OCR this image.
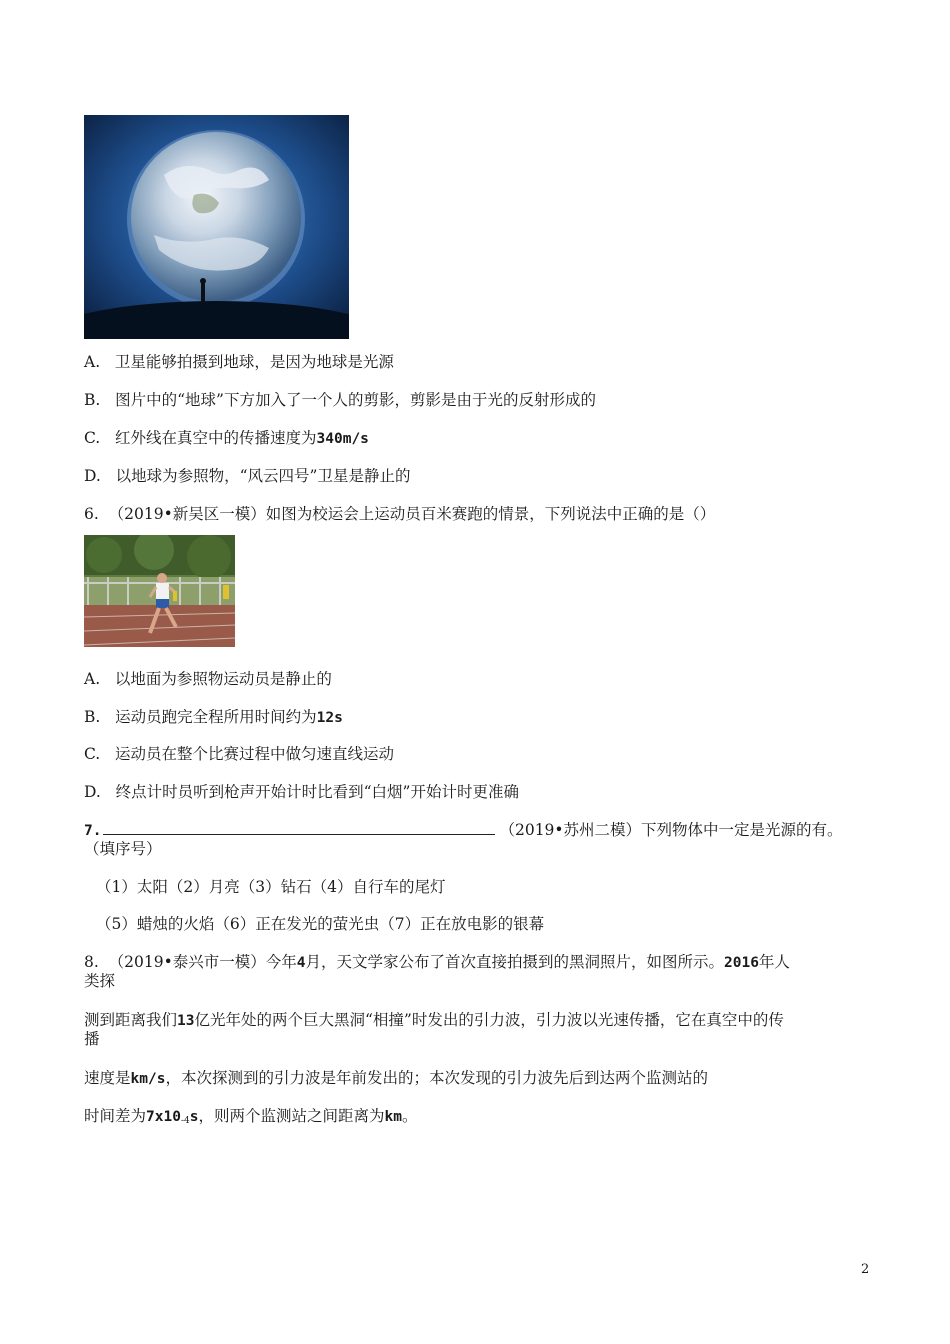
A. 卫星能够拍摄到地球，是因为地球是光源
B. 图片中的“地球”下方加入了一个人的剪影，剪影是由于光的反射形成的
C. 红外线在真空中的传播速度为340m/s
D. 以地球为参照物，“风云四号”卫星是静止的
6. （2019•新吴区一模）如图为校运会上运动员百米赛跑的情景，下列说法中正确的是（）
A. 以地面为参照物运动员是静止的
B. 运动员跑完全程所用时间约为12s
C. 运动员在整个比赛过程中做匀速直线运动
D. 终点计时员听到枪声开始计时比看到“白烟”开始计时更准确
7.	（2019•苏州二模）下列物体中一定是光源的有。
（填序号）
（1）太阳（2）月亮（3）钻石（4）自行车的尾灯
（5）蜡烛的火焰（6）正在发光的萤光虫（7）正在放电影的银幕
8. （2019•泰兴市一模）今年4月，天文学家公布了首次直接拍摄到的黑洞照片，如图所示。2016年人
类探
测到距离我们13亿光年处的两个巨大黑洞“相撞”时发出的引力波，引力波以光速传播，它在真空中的传
播
速度是km/s，本次探测到的引力波是年前发出的；本次发现的引力波先后到达两个监测站的
时间差为$7x10_{-4}s$，则两个监测站之间距离为km。
2
